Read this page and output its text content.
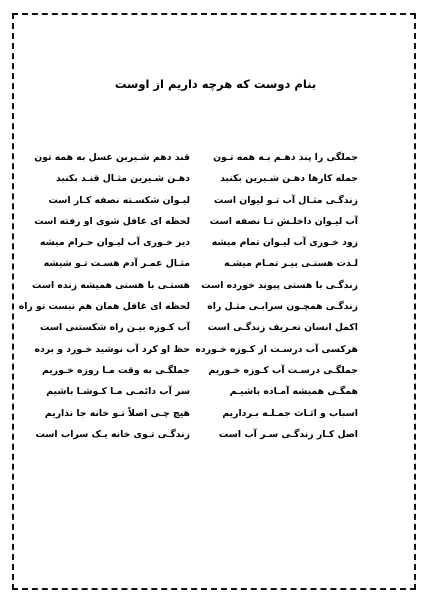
بنام دوست که هرچه داریم از اوست
جملگی را پند دهـم بـه همه تـون
قند دهم شـیرین عسل به همه تون
جمله کارها دهـن شـیرین بکنید
دهـن شـیرین مثـال قنـد بکنید
زندگـی مثـال آب تـو لیوان است
لیـوان شکسـته نصفه کـار است
آب لیـوان داخلـش تـا نصفه است
لحظه ای غافل شوی او رفته است
زود خـوری آب لیـوان تمام میشه
دیر خـوری آب لیـوان حـرام میشه
لـذت هستـی بیـر تمـام میشـه
مثـال عمـر آدم هسـت تـو شیشه
زندگـی با هستی پیوند خورده است
هستـی با هستی همیشه زنده است
زندگـی همچـون سرابـی مثـل راه
لحظه ای غافل همان هم نیست تو راه
اکمل انسان تعـریف زندگـی است
آب کـوزه بیـن راه شکستنی است
هرکسی آب درسـت از کـوزه خـورده
حظ او کرد آب نوشید خـورد و برده
جملگـی درسـت آب کـوزه خـوریم
جملگـی به وقت مـا روزه خـوریم
همگـی همیشه آمـاده باشیـم
سر آب دائمـی مـا کـوشـا باشیم
اسباب و اثـاث جمـلـه بـرداریم
هیچ چـی اصلاً تـو خانه جا نذاریم
اصل کـار زندگـی سـر آب است
زندگـی تـوی خانه یـک سراب است
